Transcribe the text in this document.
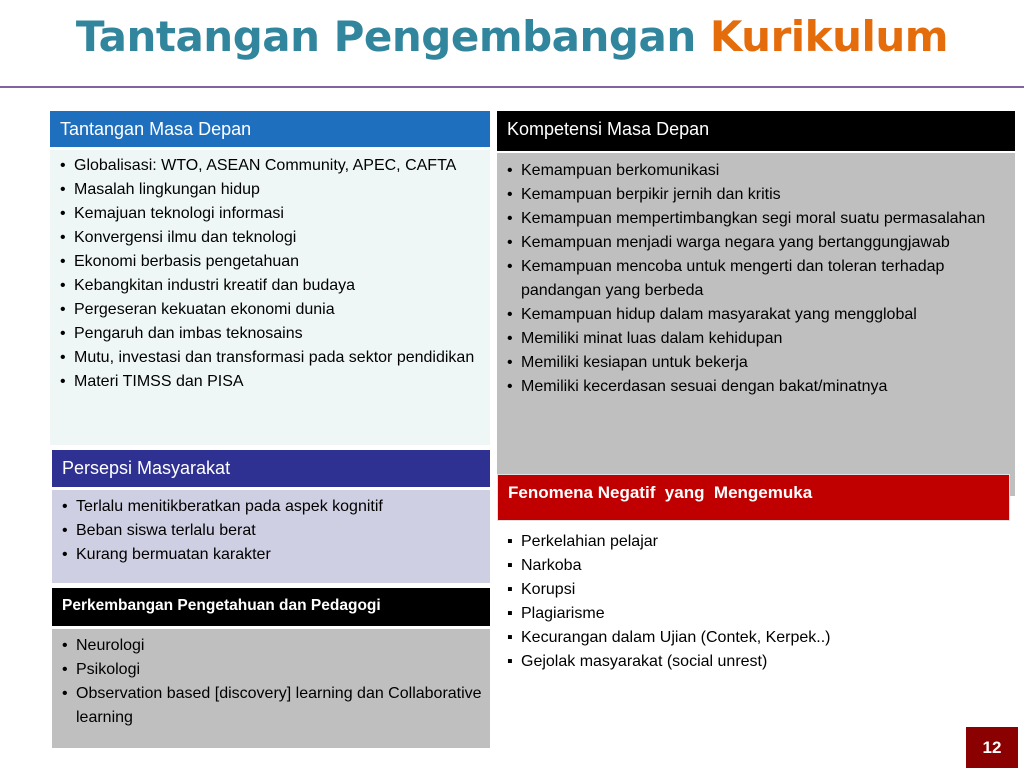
Tantangan Pengembangan Kurikulum
Tantangan Masa Depan
• Globalisasi: WTO, ASEAN Community, APEC, CAFTA
• Masalah lingkungan hidup
• Kemajuan teknologi informasi
• Konvergensi ilmu dan teknologi
• Ekonomi berbasis pengetahuan
• Kebangkitan industri kreatif dan budaya
• Pergeseran kekuatan ekonomi dunia
• Pengaruh dan imbas teknosains
• Mutu, investasi dan transformasi pada sektor pendidikan
• Materi TIMSS dan PISA
Kompetensi Masa Depan
• Kemampuan berkomunikasi
• Kemampuan berpikir jernih dan kritis
• Kemampuan mempertimbangkan segi moral suatu permasalahan
• Kemampuan menjadi warga negara yang bertanggungjawab
• Kemampuan mencoba untuk mengerti dan toleran terhadap pandangan yang berbeda
• Kemampuan hidup dalam masyarakat yang mengglobal
• Memiliki minat luas dalam kehidupan
• Memiliki kesiapan untuk bekerja
• Memiliki kecerdasan sesuai dengan bakat/minatnya
Fenomena Negatif  yang  Mengemuka
▪ Perkelahian pelajar
▪ Narkoba
▪ Korupsi
▪ Plagiarisme
▪ Kecurangan dalam Ujian (Contek, Kerpek..)
▪ Gejolak masyarakat (social unrest)
Persepsi Masyarakat
• Terlalu menitikberatkan pada aspek kognitif
• Beban siswa terlalu berat
• Kurang bermuatan karakter
Perkembangan Pengetahuan dan Pedagogi
• Neurologi
• Psikologi
• Observation based [discovery] learning dan Collaborative learning
12
